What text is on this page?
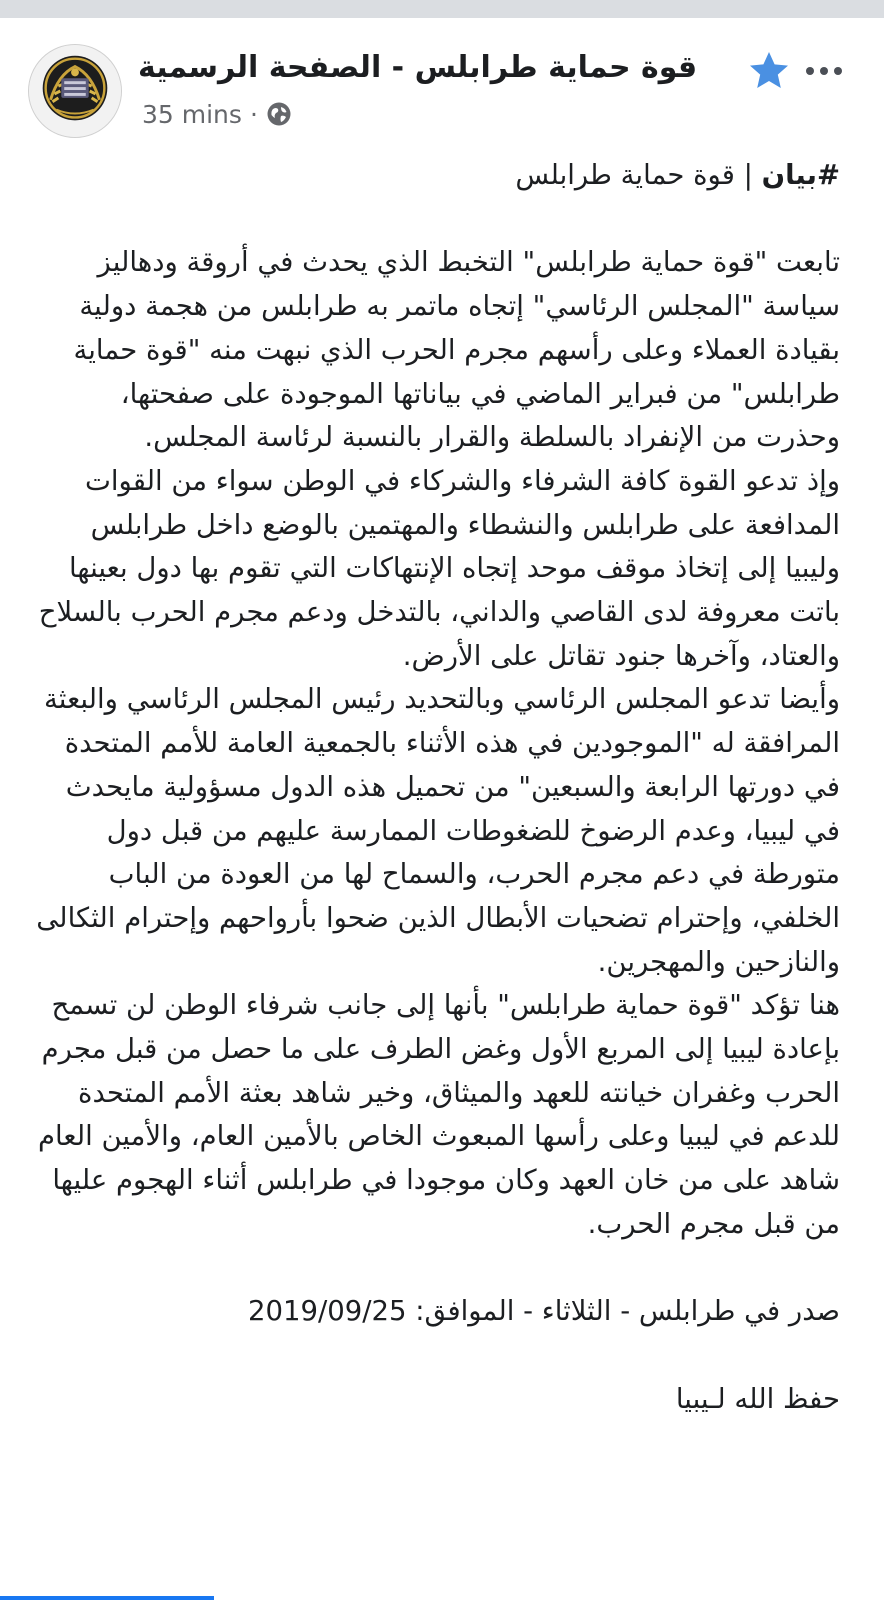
قوة حماية طرابلس - الصفحة الرسمية
35 mins ·

#بيان | قوة حماية طرابلس

تابعت "قوة حماية طرابلس" التخبط الذي يحدث في أروقة ودهاليز سياسة "المجلس الرئاسي" إتجاه ماتمر به طرابلس من هجمة دولية بقيادة العملاء وعلى رأسهم مجرم الحرب الذي نبهت منه "قوة حماية طرابلس" من فبراير الماضي في بياناتها الموجودة على صفحتها، وحذرت من الإنفراد بالسلطة والقرار بالنسبة لرئاسة المجلس.

وإذ تدعو القوة كافة الشرفاء والشركاء في الوطن سواء من القوات المدافعة على طرابلس والنشطاء والمهتمين بالوضع داخل طرابلس وليبيا إلى إتخاذ موقف موحد إتجاه الإنتهاكات التي تقوم بها دول بعينها باتت معروفة لدى القاصي والداني، بالتدخل ودعم مجرم الحرب بالسلاح والعتاد، وآخرها جنود تقاتل على الأرض.

وأيضا تدعو المجلس الرئاسي وبالتحديد رئيس المجلس الرئاسي والبعثة المرافقة له "الموجودين في هذه الأثناء بالجمعية العامة للأمم المتحدة في دورتها الرابعة والسبعين" من تحميل هذه الدول مسؤولية مايحدث في ليبيا، وعدم الرضوخ للضغوطات الممارسة عليهم من قبل دول متورطة في دعم مجرم الحرب، والسماح لها من العودة من الباب الخلفي، وإحترام تضحيات الأبطال الذين ضحوا بأرواحهم وإحترام الثكالى والنازحين والمهجرين.

هنا تؤكد "قوة حماية طرابلس" بأنها إلى جانب شرفاء الوطن لن تسمح بإعادة ليبيا إلى المربع الأول وغض الطرف على ما حصل من قبل مجرم الحرب وغفران خيانته للعهد والميثاق، وخير شاهد بعثة الأمم المتحدة للدعم في ليبيا وعلى رأسها المبعوث الخاص بالأمين العام، والأمين العام شاهد على من خان العهد وكان موجودا في طرابلس أثناء الهجوم عليها من قبل مجرم الحرب.

صدر في طرابلس - الثلاثاء - الموافق: 2019/09/25

حفظ الله لـيبيا
